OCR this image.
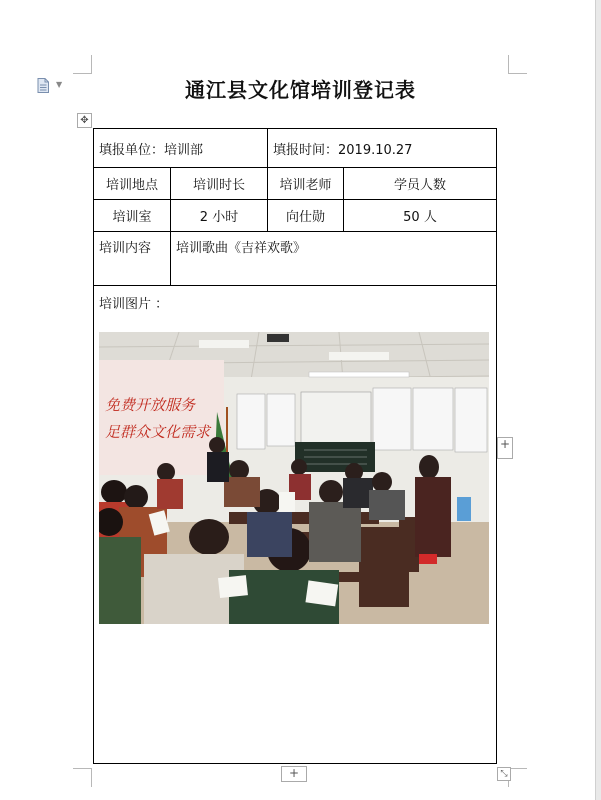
▼
✥
通江县文化馆培训登记表
填报单位：培训部	填报时间：2019.10.27
培训地点	培训时长	培训老师	学员人数
培训室	2 小时	向仕勋	50 人
培训内容	培训歌曲《吉祥欢歌》
培训图片 ：
免费开放服务
足群众文化需求
+
+	⤡
